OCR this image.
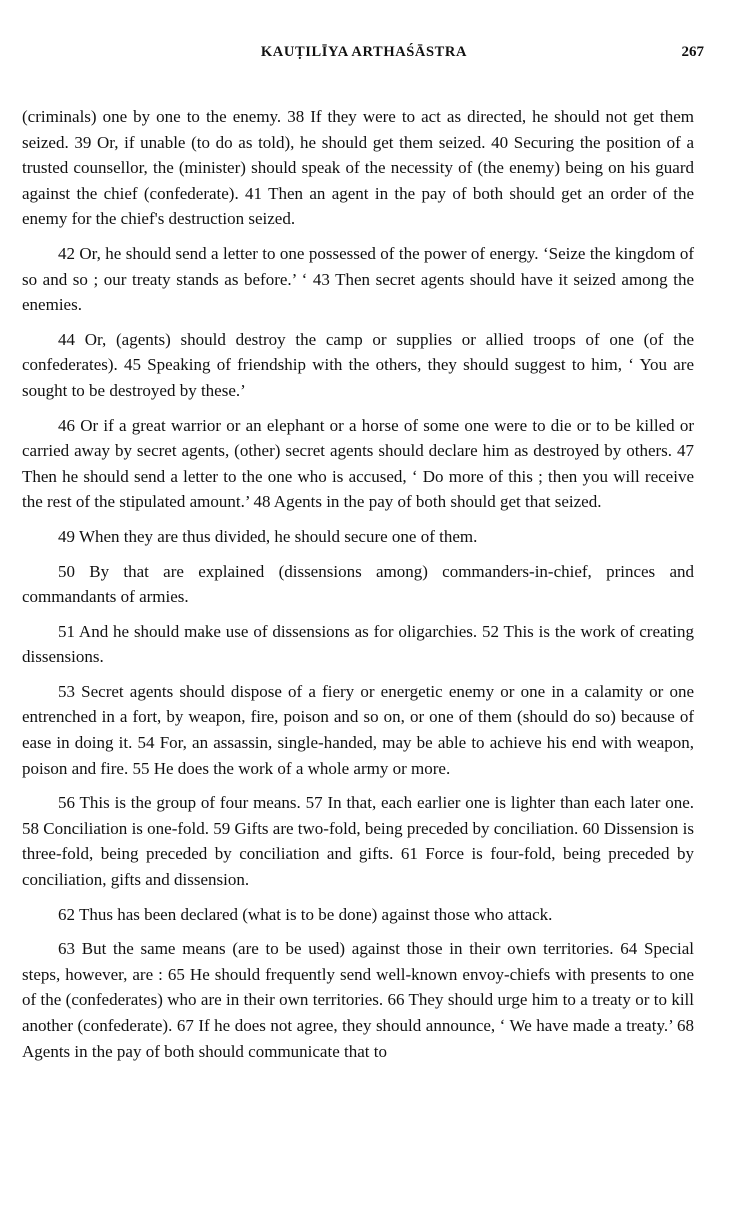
KAUṬILĪYA ARTHAŚĀSTRA	267

(criminals) one by one to the enemy. 38 If they were to act as directed, he should not get them seized. 39 Or, if unable (to do as told), he should get them seized. 40 Securing the position of a trusted counsellor, the (minister) should speak of the necessity of (the enemy) being on his guard against the chief (confederate). 41 Then an agent in the pay of both should get an order of the enemy for the chief's destruction seized.

42 Or, he should send a letter to one possessed of the power of energy. ‘Seize the kingdom of so and so ; our treaty stands as before.’ ‘ 43 Then secret agents should have it seized among the enemies.

44 Or, (agents) should destroy the camp or supplies or allied troops of one (of the confederates). 45 Speaking of friendship with the others, they should suggest to him, ‘ You are sought to be destroyed by these.’

46 Or if a great warrior or an elephant or a horse of some one were to die or to be killed or carried away by secret agents, (other) secret agents should declare him as destroyed by others. 47 Then he should send a letter to the one who is accused, ‘ Do more of this ; then you will receive the rest of the stipulated amount.’ 48 Agents in the pay of both should get that seized.

49 When they are thus divided, he should secure one of them.

50 By that are explained (dissensions among) commanders-in-chief, princes and commandants of armies.

51 And he should make use of dissensions as for oligarchies. 52 This is the work of creating dissensions.

53 Secret agents should dispose of a fiery or energetic enemy or one in a calamity or one entrenched in a fort, by weapon, fire, poison and so on, or one of them (should do so) because of ease in doing it. 54 For, an assassin, single-handed, may be able to achieve his end with weapon, poison and fire. 55 He does the work of a whole army or more.

56 This is the group of four means. 57 In that, each earlier one is lighter than each later one. 58 Conciliation is one-fold. 59 Gifts are two-fold, being preceded by conciliation. 60 Dissension is three-fold, being preceded by conciliation and gifts. 61 Force is four-fold, being preceded by conciliation, gifts and dissension.

62 Thus has been declared (what is to be done) against those who attack.

63 But the same means (are to be used) against those in their own territories. 64 Special steps, however, are : 65 He should frequently send well-known envoy-chiefs with presents to one of the (confederates) who are in their own territories. 66 They should urge him to a treaty or to kill another (confederate). 67 If he does not agree, they should announce, ‘ We have made a treaty.’ 68 Agents in the pay of both should communicate that to
